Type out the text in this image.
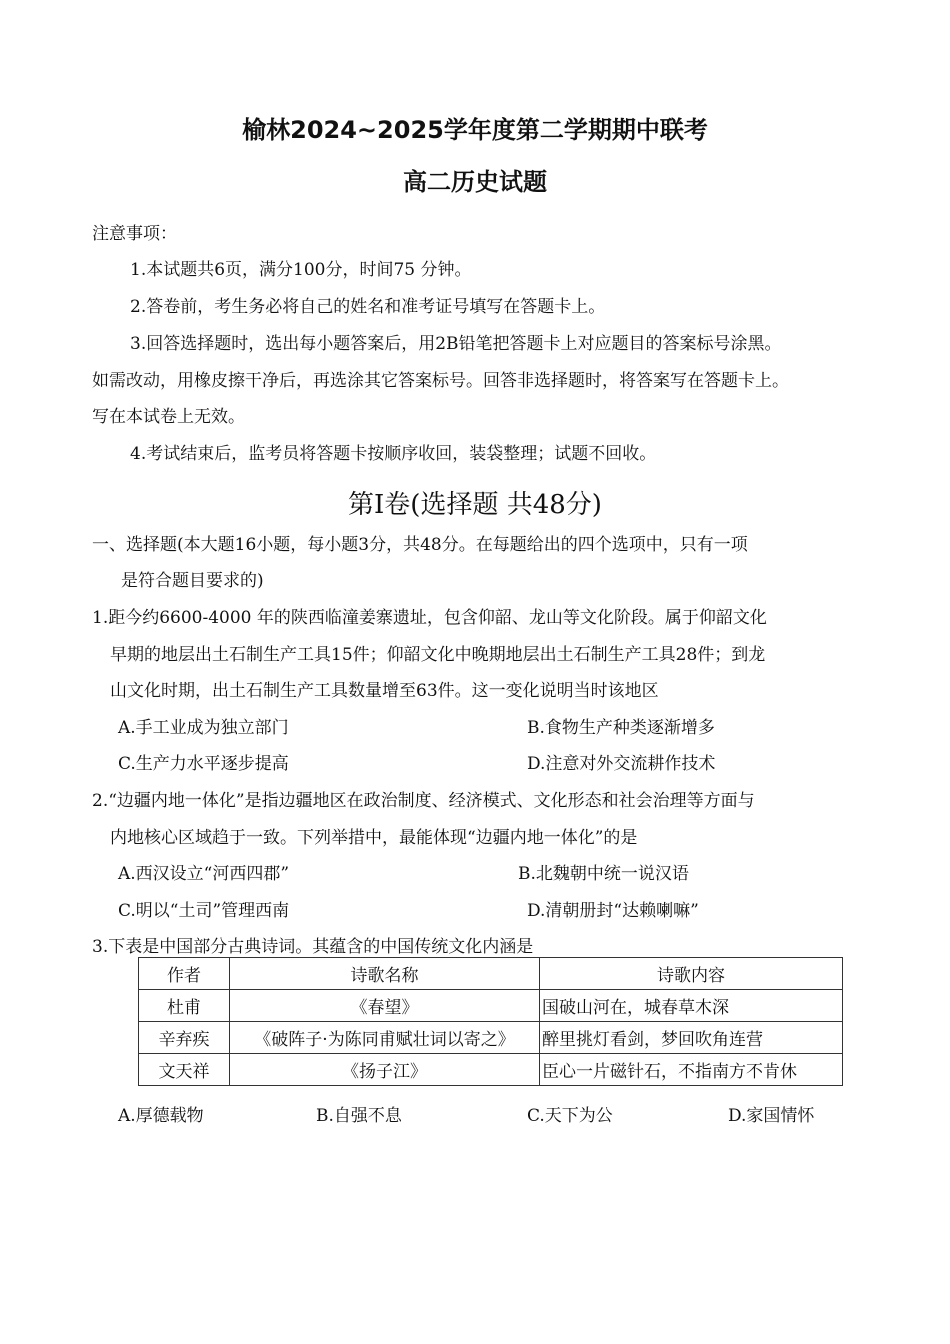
榆林2024~2025学年度第二学期期中联考
高二历史试题
注意事项：
1.本试题共6页，满分100分，时间75 分钟。
2.答卷前，考生务必将自己的姓名和准考证号填写在答题卡上。
3.回答选择题时，选出每小题答案后，用2B铅笔把答题卡上对应题目的答案标号涂黑。
如需改动，用橡皮擦干净后，再选涂其它答案标号。回答非选择题时，将答案写在答题卡上。
写在本试卷上无效。
4.考试结束后，监考员将答题卡按顺序收回，装袋整理；试题不回收。
第Ⅰ卷(选择题 共48分)
一、选择题(本大题16小题，每小题3分，共48分。在每题给出的四个选项中，只有一项
是符合题目要求的)
1.距今约6600-4000 年的陕西临潼姜寨遗址，包含仰韶、龙山等文化阶段。属于仰韶文化
早期的地层出土石制生产工具15件；仰韶文化中晚期地层出土石制生产工具28件；到龙
山文化时期，出土石制生产工具数量增至63件。这一变化说明当时该地区
A.手工业成为独立部门	B.食物生产种类逐渐增多
C.生产力水平逐步提高	D.注意对外交流耕作技术
2.“边疆内地一体化”是指边疆地区在政治制度、经济模式、文化形态和社会治理等方面与
内地核心区域趋于一致。下列举措中，最能体现“边疆内地一体化”的是
A.西汉设立“河西四郡”	B.北魏朝中统一说汉语
C.明以“土司”管理西南	D.清朝册封“达赖喇嘛”
3.下表是中国部分古典诗词。其蕴含的中国传统文化内涵是
作者	诗歌名称	诗歌内容
杜甫	《春望》	国破山河在，城春草木深
辛弃疾	《破阵子·为陈同甫赋壮词以寄之》	醉里挑灯看剑，梦回吹角连营
文天祥	《扬子江》	臣心一片磁针石，不指南方不肯休
A.厚德载物	B.自强不息	C.天下为公	D.家国情怀
